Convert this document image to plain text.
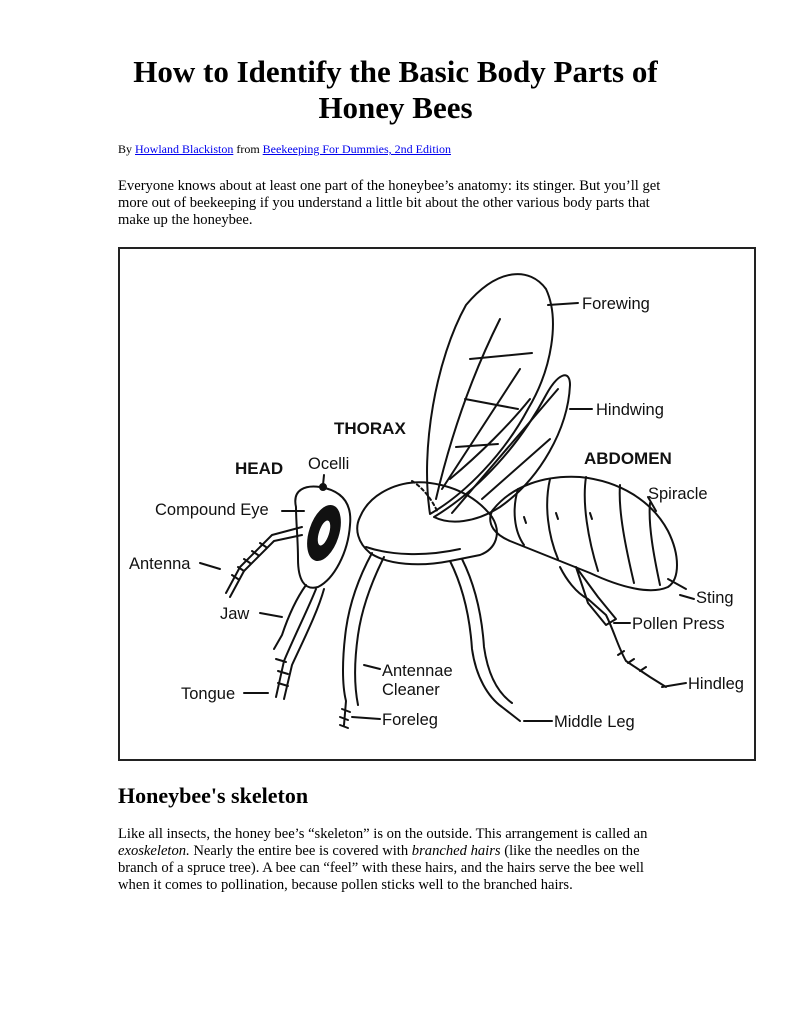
How to Identify the Basic Body Parts of Honey Bees

By Howland Blackiston from Beekeeping For Dummies, 2nd Edition

Everyone knows about at least one part of the honeybee’s anatomy: its stinger. But you’ll get more out of beekeeping if you understand a little bit about the other various body parts that make up the honeybee.

THORAX
HEAD
ABDOMEN
Forewing
Hindwing
Ocelli
Compound Eye
Spiracle
Antenna
Sting
Jaw
Pollen Press
Antennae
Cleaner	Hindleg
Tongue
Foreleg	Middle Leg
Honeybee's skeleton

Like all insects, the honey bee’s “skeleton” is on the outside. This arrangement is called an exoskeleton. Nearly the entire bee is covered with branched hairs (like the needles on the branch of a spruce tree). A bee can “feel” with these hairs, and the hairs serve the bee well when it comes to pollination, because pollen sticks well to the branched hairs.
